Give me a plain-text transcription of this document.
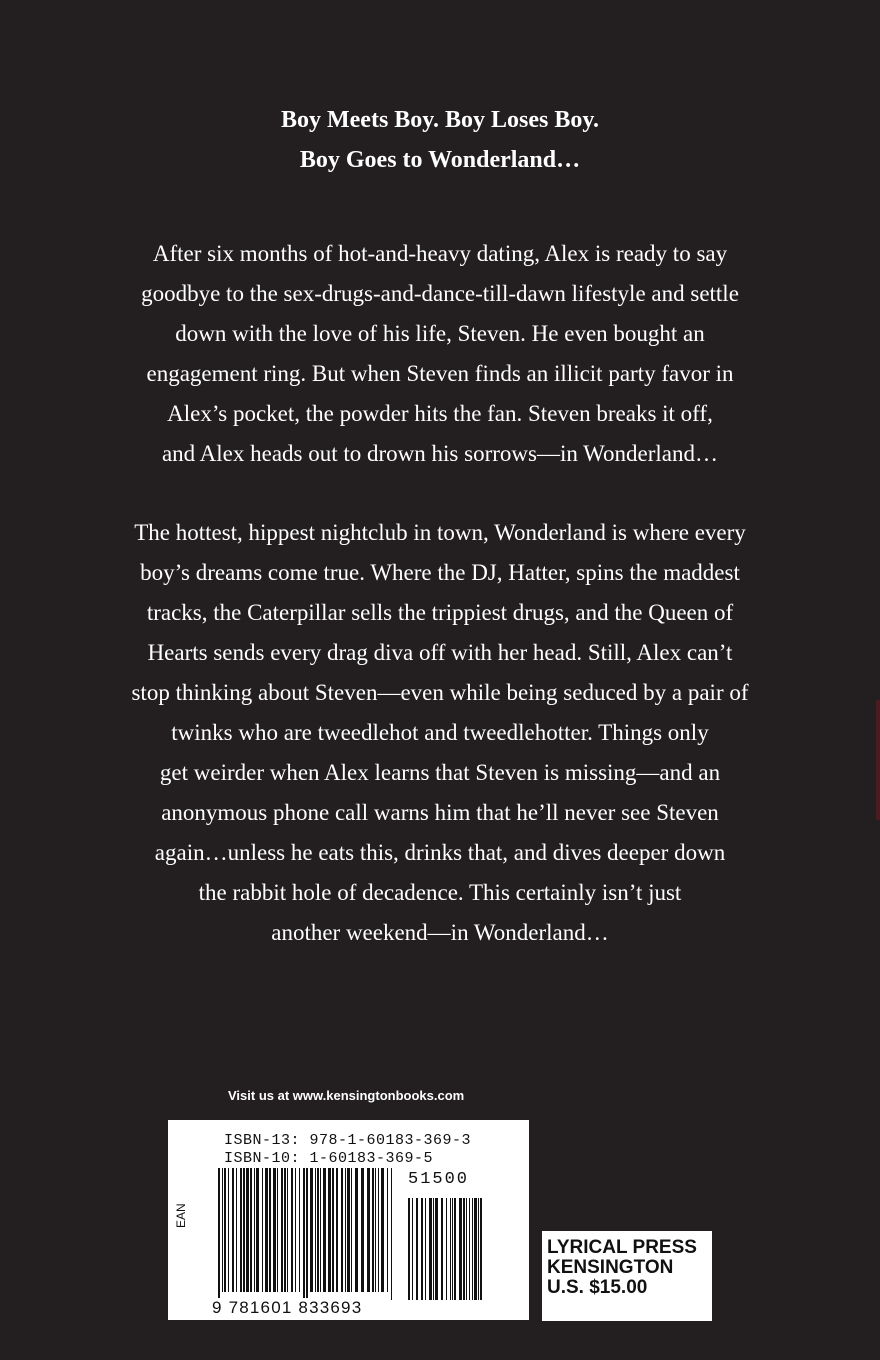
Boy Meets Boy. Boy Loses Boy.
Boy Goes to Wonderland…
After six months of hot-and-heavy dating, Alex is ready to say
goodbye to the sex-drugs-and-dance-till-dawn lifestyle and settle
down with the love of his life, Steven. He even bought an
engagement ring. But when Steven finds an illicit party favor in
Alex’s pocket, the powder hits the fan. Steven breaks it off,
and Alex heads out to drown his sorrows—in Wonderland…
The hottest, hippest nightclub in town, Wonderland is where every
boy’s dreams come true. Where the DJ, Hatter, spins the maddest
tracks, the Caterpillar sells the trippiest drugs, and the Queen of
Hearts sends every drag diva off with her head. Still, Alex can’t
stop thinking about Steven—even while being seduced by a pair of
twinks who are tweedlehot and tweedlehotter. Things only
get weirder when Alex learns that Steven is missing—and an
anonymous phone call warns him that he’ll never see Steven
again…unless he eats this, drinks that, and dives deeper down
the rabbit hole of decadence. This certainly isn’t just
another weekend—in Wonderland…
Visit us at www.kensingtonbooks.com
ISBN-13: 978-1-60183-369-3
ISBN-10: 1-60183-369-5
EAN
51500
9 781601 833693
LYRICAL PRESS
KENSINGTON
U.S. $15.00
